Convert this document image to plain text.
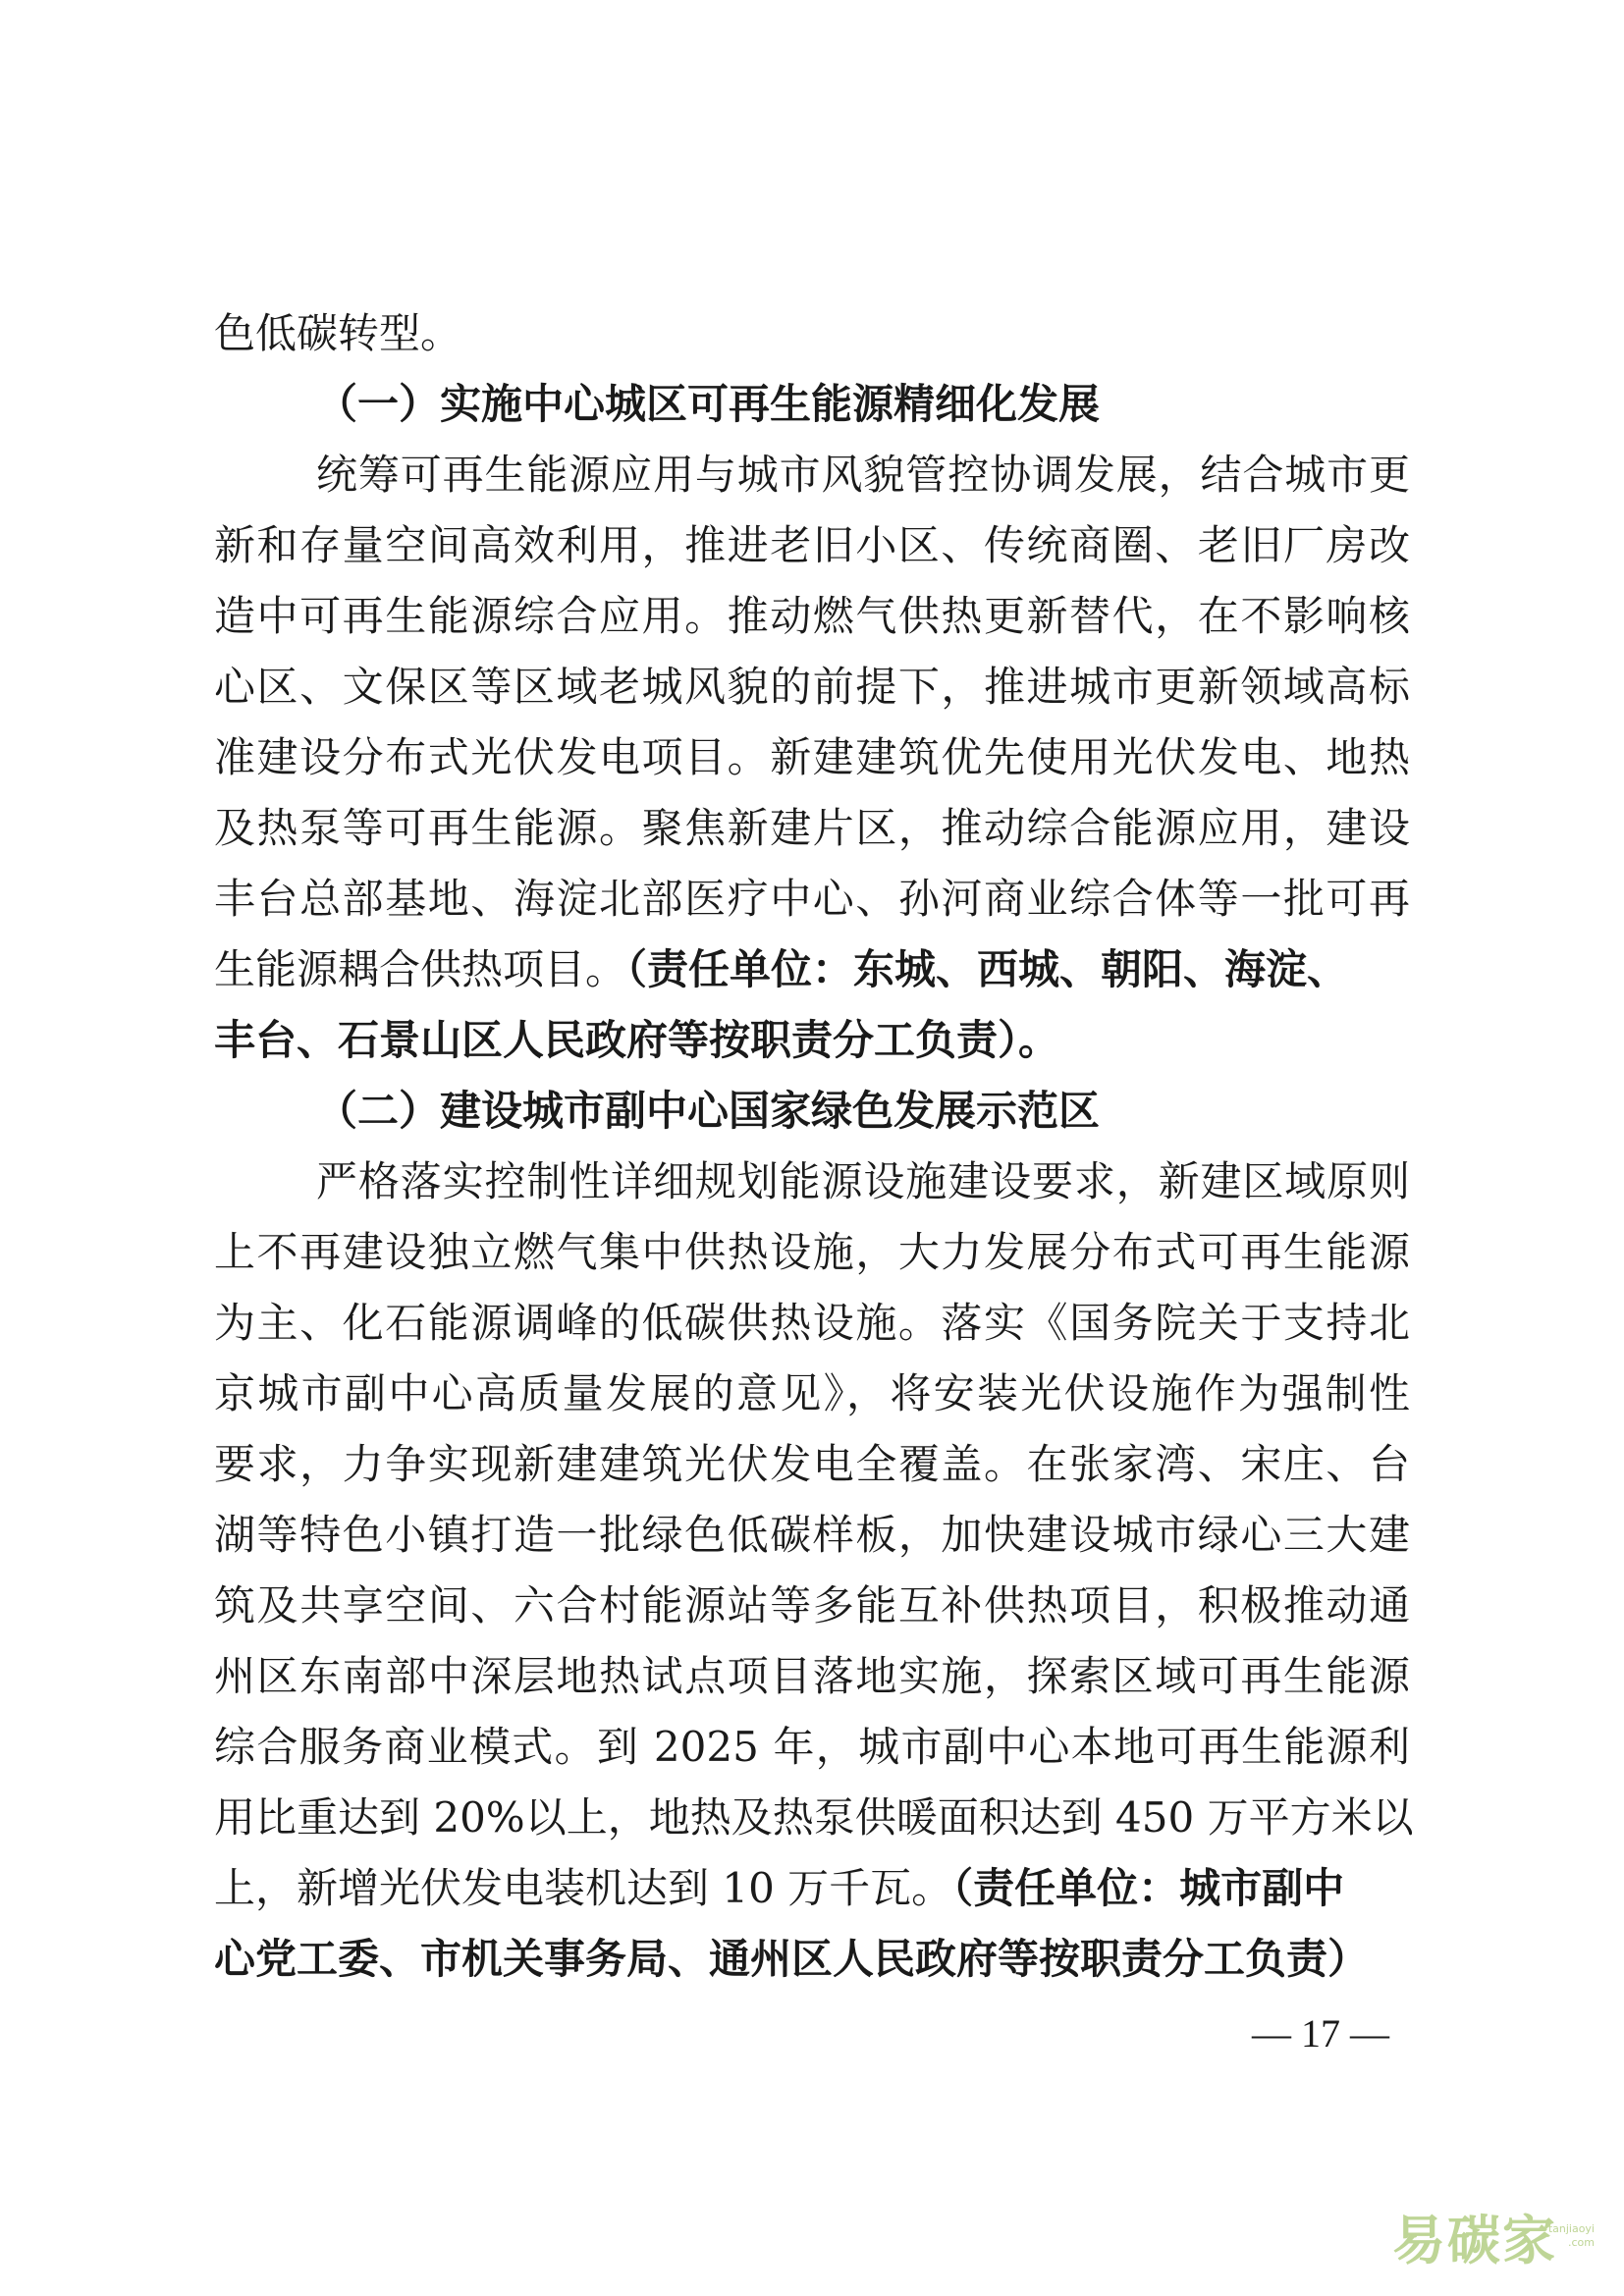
色低碳转型。

（一）实施中心城区可再生能源精细化发展

统筹可再生能源应用与城市风貌管控协调发展，结合城市更

新和存量空间高效利用，推进老旧小区、传统商圈、老旧厂房改

造中可再生能源综合应用。推动燃气供热更新替代，在不影响核

心区、文保区等区域老城风貌的前提下，推进城市更新领域高标

准建设分布式光伏发电项目。新建建筑优先使用光伏发电、地热

及热泵等可再生能源。聚焦新建片区，推动综合能源应用，建设

丰台总部基地、海淀北部医疗中心、孙河商业综合体等一批可再

生能源耦合供热项目。（责任单位：东城、西城、朝阳、海淀、

丰台、石景山区人民政府等按职责分工负责）。

（二）建设城市副中心国家绿色发展示范区

严格落实控制性详细规划能源设施建设要求，新建区域原则

上不再建设独立燃气集中供热设施，大力发展分布式可再生能源

为主、化石能源调峰的低碳供热设施。落实《国务院关于支持北

京城市副中心高质量发展的意见》，将安装光伏设施作为强制性

要求，力争实现新建建筑光伏发电全覆盖。在张家湾、宋庄、台

湖等特色小镇打造一批绿色低碳样板，加快建设城市绿心三大建

筑及共享空间、六合村能源站等多能互补供热项目，积极推动通

州区东南部中深层地热试点项目落地实施，探索区域可再生能源

综合服务商业模式。到 2025 年，城市副中心本地可再生能源利

用比重达到 20%以上，地热及热泵供暖面积达到 450 万平方米以

上，新增光伏发电装机达到 10 万千瓦。（责任单位：城市副中

心党工委、市机关事务局、通州区人民政府等按职责分工负责）

— 17 —
易碳家
tanjiaoyi .com
